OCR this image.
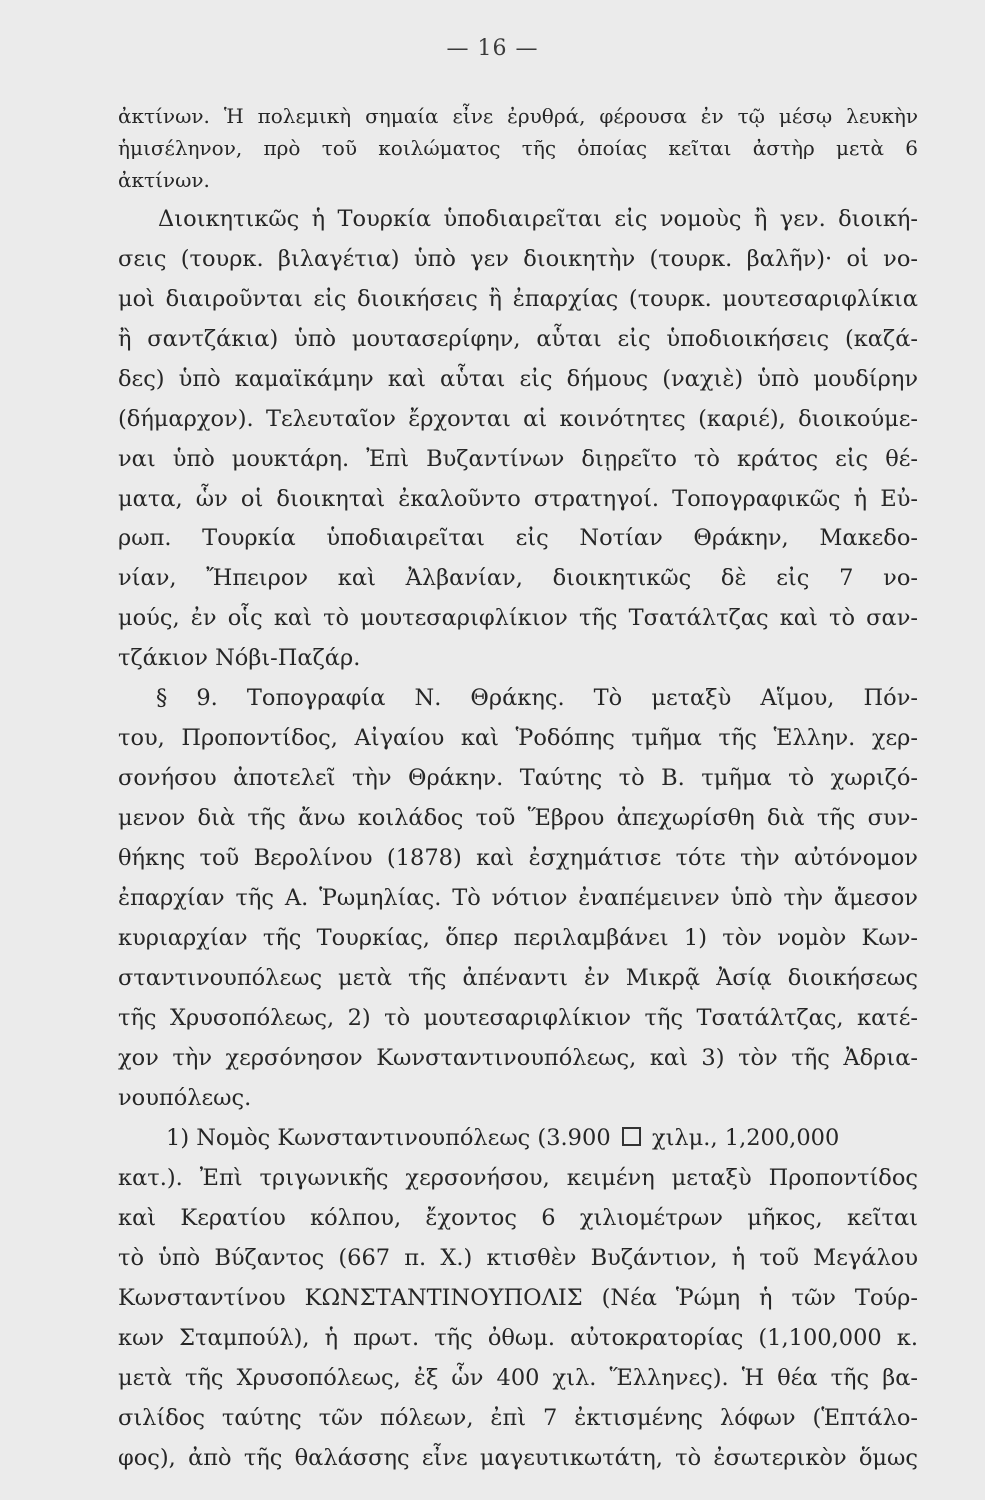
— 16 —
ἀκτίνων. Ἡ πολεμικὴ σημαία εἶνε ἐρυθρά, φέρουσα ἐν τῷ μέσῳ λευκὴν
ἡμισέληνον, πρὸ τοῦ κοιλώματος τῆς ὁποίας κεῖται ἀστὴρ μετὰ 6
ἀκτίνων.
Διοικητικῶς ἡ Τουρκία ὑποδιαιρεῖται εἰς νομοὺς ἢ γεν. διοική-
σεις (τουρκ. βιλαγέτια) ὑπὸ γεν διοικητὴν (τουρκ. βαλῆν)· οἱ νο-
μοὶ διαιροῦνται εἰς διοικήσεις ἢ ἐπαρχίας (τουρκ. μουτεσαριφλίκια
ἢ σαντζάκια) ὑπὸ μουτασερίφην, αὗται εἰς ὑποδιοικήσεις (καζά-
δες) ὑπὸ καμαϊκάμην καὶ αὗται εἰς δήμους (ναχιὲ) ὑπὸ μουδίρην
(δήμαρχον). Τελευταῖον ἔρχονται αἱ κοινότητες (καριέ), διοικούμε-
ναι ὑπὸ μουκτάρη. Ἐπὶ Βυζαντίνων διῃρεῖτο τὸ κράτος εἰς θέ-
ματα, ὧν οἱ διοικηταὶ ἐκαλοῦντο στρατηγοί. Τοπογραφικῶς ἡ Εὐ-
ρωπ. Τουρκία ὑποδιαιρεῖται εἰς Νοτίαν Θράκην, Μακεδο-
νίαν, Ἤπειρον καὶ Ἀλβανίαν, διοικητικῶς δὲ εἰς 7 νο-
μούς, ἐν οἷς καὶ τὸ μουτεσαριφλίκιον τῆς Τσατάλτζας καὶ τὸ σαν-
τζάκιον Νόβι-Παζάρ.
§ 9. Τοπογραφία Ν. Θράκης. Τὸ μεταξὺ Αἵμου, Πόν-
του, Προποντίδος, Αἰγαίου καὶ Ῥοδόπης τμῆμα τῆς Ἑλλην. χερ-
σονήσου ἀποτελεῖ τὴν Θράκην. Ταύτης τὸ Β. τμῆμα τὸ χωριζό-
μενον διὰ τῆς ἄνω κοιλάδος τοῦ Ἕβρου ἀπεχωρίσθη διὰ τῆς συν-
θήκης τοῦ Βερολίνου (1878) καὶ ἐσχημάτισε τότε τὴν αὐτόνομον
ἐπαρχίαν τῆς Α. Ῥωμηλίας. Τὸ νότιον ἐναπέμεινεν ὑπὸ τὴν ἄμεσον
κυριαρχίαν τῆς Τουρκίας, ὅπερ περιλαμβάνει 1) τὸν νομὸν Κων-
σταντινουπόλεως μετὰ τῆς ἀπέναντι ἐν Μικρᾷ Ἀσίᾳ διοικήσεως
τῆς Χρυσοπόλεως, 2) τὸ μουτεσαριφλίκιον τῆς Τσατάλτζας, κατέ-
χον τὴν χερσόνησον Κωνσταντινουπόλεως, καὶ 3) τὸν τῆς Ἀδρια-
νουπόλεως.
1) Νομὸς Κωνσταντινουπόλεως (3.900 χιλμ., 1,200,000
κατ.). Ἐπὶ τριγωνικῆς χερσονήσου, κειμένη μεταξὺ Προποντίδος
καὶ Κερατίου κόλπου, ἔχοντος 6 χιλιομέτρων μῆκος, κεῖται
τὸ ὑπὸ Βύζαντος (667 π. Χ.) κτισθὲν Βυζάντιον, ἡ τοῦ Μεγάλου
Κωνσταντίνου ΚΩΝΣΤΑΝΤΙΝΟΥΠΟΛΙΣ (Νέα Ῥώμη ἡ τῶν Τούρ-
κων Σταμπούλ), ἡ πρωτ. τῆς ὀθωμ. αὐτοκρατορίας (1,100,000 κ.
μετὰ τῆς Χρυσοπόλεως, ἐξ ὧν 400 χιλ. Ἕλληνες). Ἡ θέα τῆς βα-
σιλίδος ταύτης τῶν πόλεων, ἐπὶ 7 ἐκτισμένης λόφων (Ἑπτάλο-
φος), ἀπὸ τῆς θαλάσσης εἶνε μαγευτικωτάτη, τὸ ἐσωτερικὸν ὅμως
